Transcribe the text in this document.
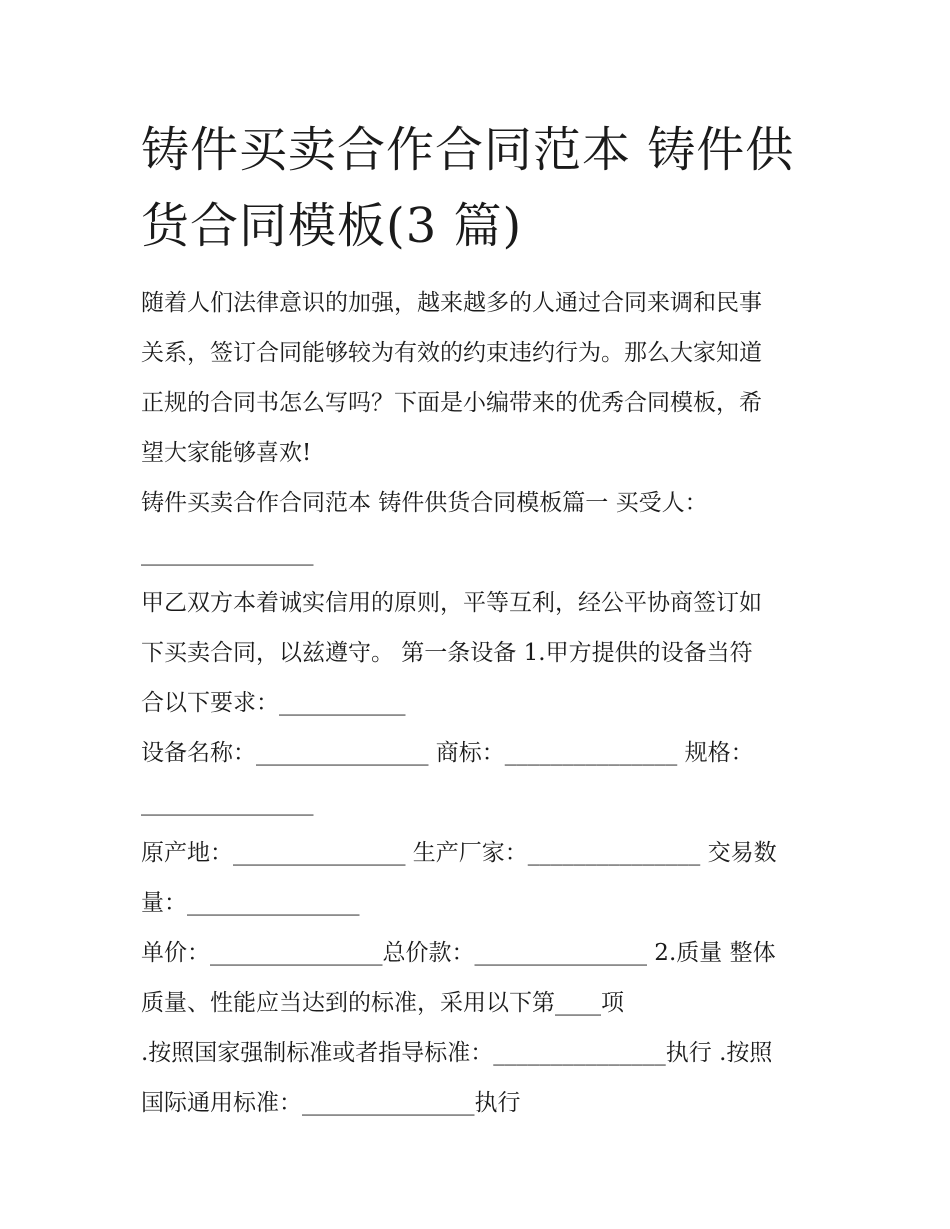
铸件买卖合作合同范本 铸件供
货合同模板(3 篇)
随着人们法律意识的加强，越来越多的人通过合同来调和民事
关系，签订合同能够较为有效的约束违约行为。那么大家知道
正规的合同书怎么写吗？下面是小编带来的优秀合同模板，希
望大家能够喜欢!
铸件买卖合作合同范本 铸件供货合同模板篇一 买受人：
_______________
甲乙双方本着诚实信用的原则，平等互利，经公平协商签订如
下买卖合同，以兹遵守。 第一条设备 1.甲方提供的设备当符
合以下要求：___________
设备名称：_______________ 商标：_______________ 规格：
_______________
原产地：_______________ 生产厂家：_______________ 交易数
量：_______________
单价：_______________总价款：_______________ 2.质量 整体
质量、性能应当达到的标准，采用以下第____项
.按照国家强制标准或者指导标准：_______________执行 .按照
国际通用标准：_______________执行
